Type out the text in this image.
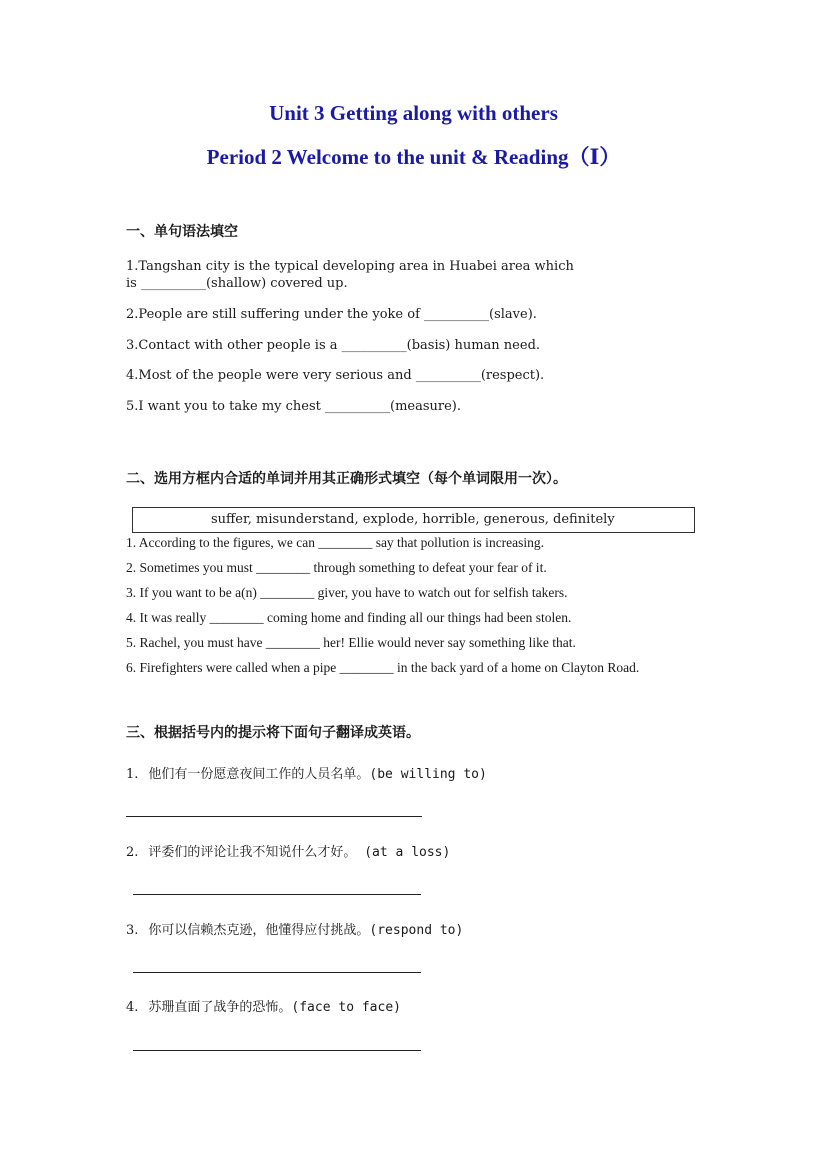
Unit 3 Getting along with others
Period 2 Welcome to the unit & Reading（Ⅰ）
一、单句语法填空
1.Tangshan city is the typical developing area in Huabei area which
is __________(shallow) covered up.
2.People are still suffering under the yoke of __________(slave).
3.Contact with other people is a __________(basis) human need.
4.Most of the people were very serious and __________(respect).
5.I want you to take my chest __________(measure).
二、选用方框内合适的单词并用其正确形式填空（每个单词限用一次）。
suffer, misunderstand, explode, horrible, generous, definitely
1. According to the figures, we can ________ say that pollution is increasing.
2. Sometimes you must ________ through something to defeat your fear of it.
3. If you want to be a(n) ________ giver, you have to watch out for selfish takers.
4. It was really ________ coming home and finding all our things had been stolen.
5. Rachel, you must have ________ her! Ellie would never say something like that.
6. Firefighters were called when a pipe ________ in the back yard of a home on Clayton Road.
三、根据括号内的提示将下面句子翻译成英语。
1. 他们有一份愿意夜间工作的人员名单。(be willing to)
2. 评委们的评论让我不知说什么才好。 (at a loss)
3. 你可以信赖杰克逊，他懂得应付挑战。(respond to)
4. 苏珊直面了战争的恐怖。(face to face)
